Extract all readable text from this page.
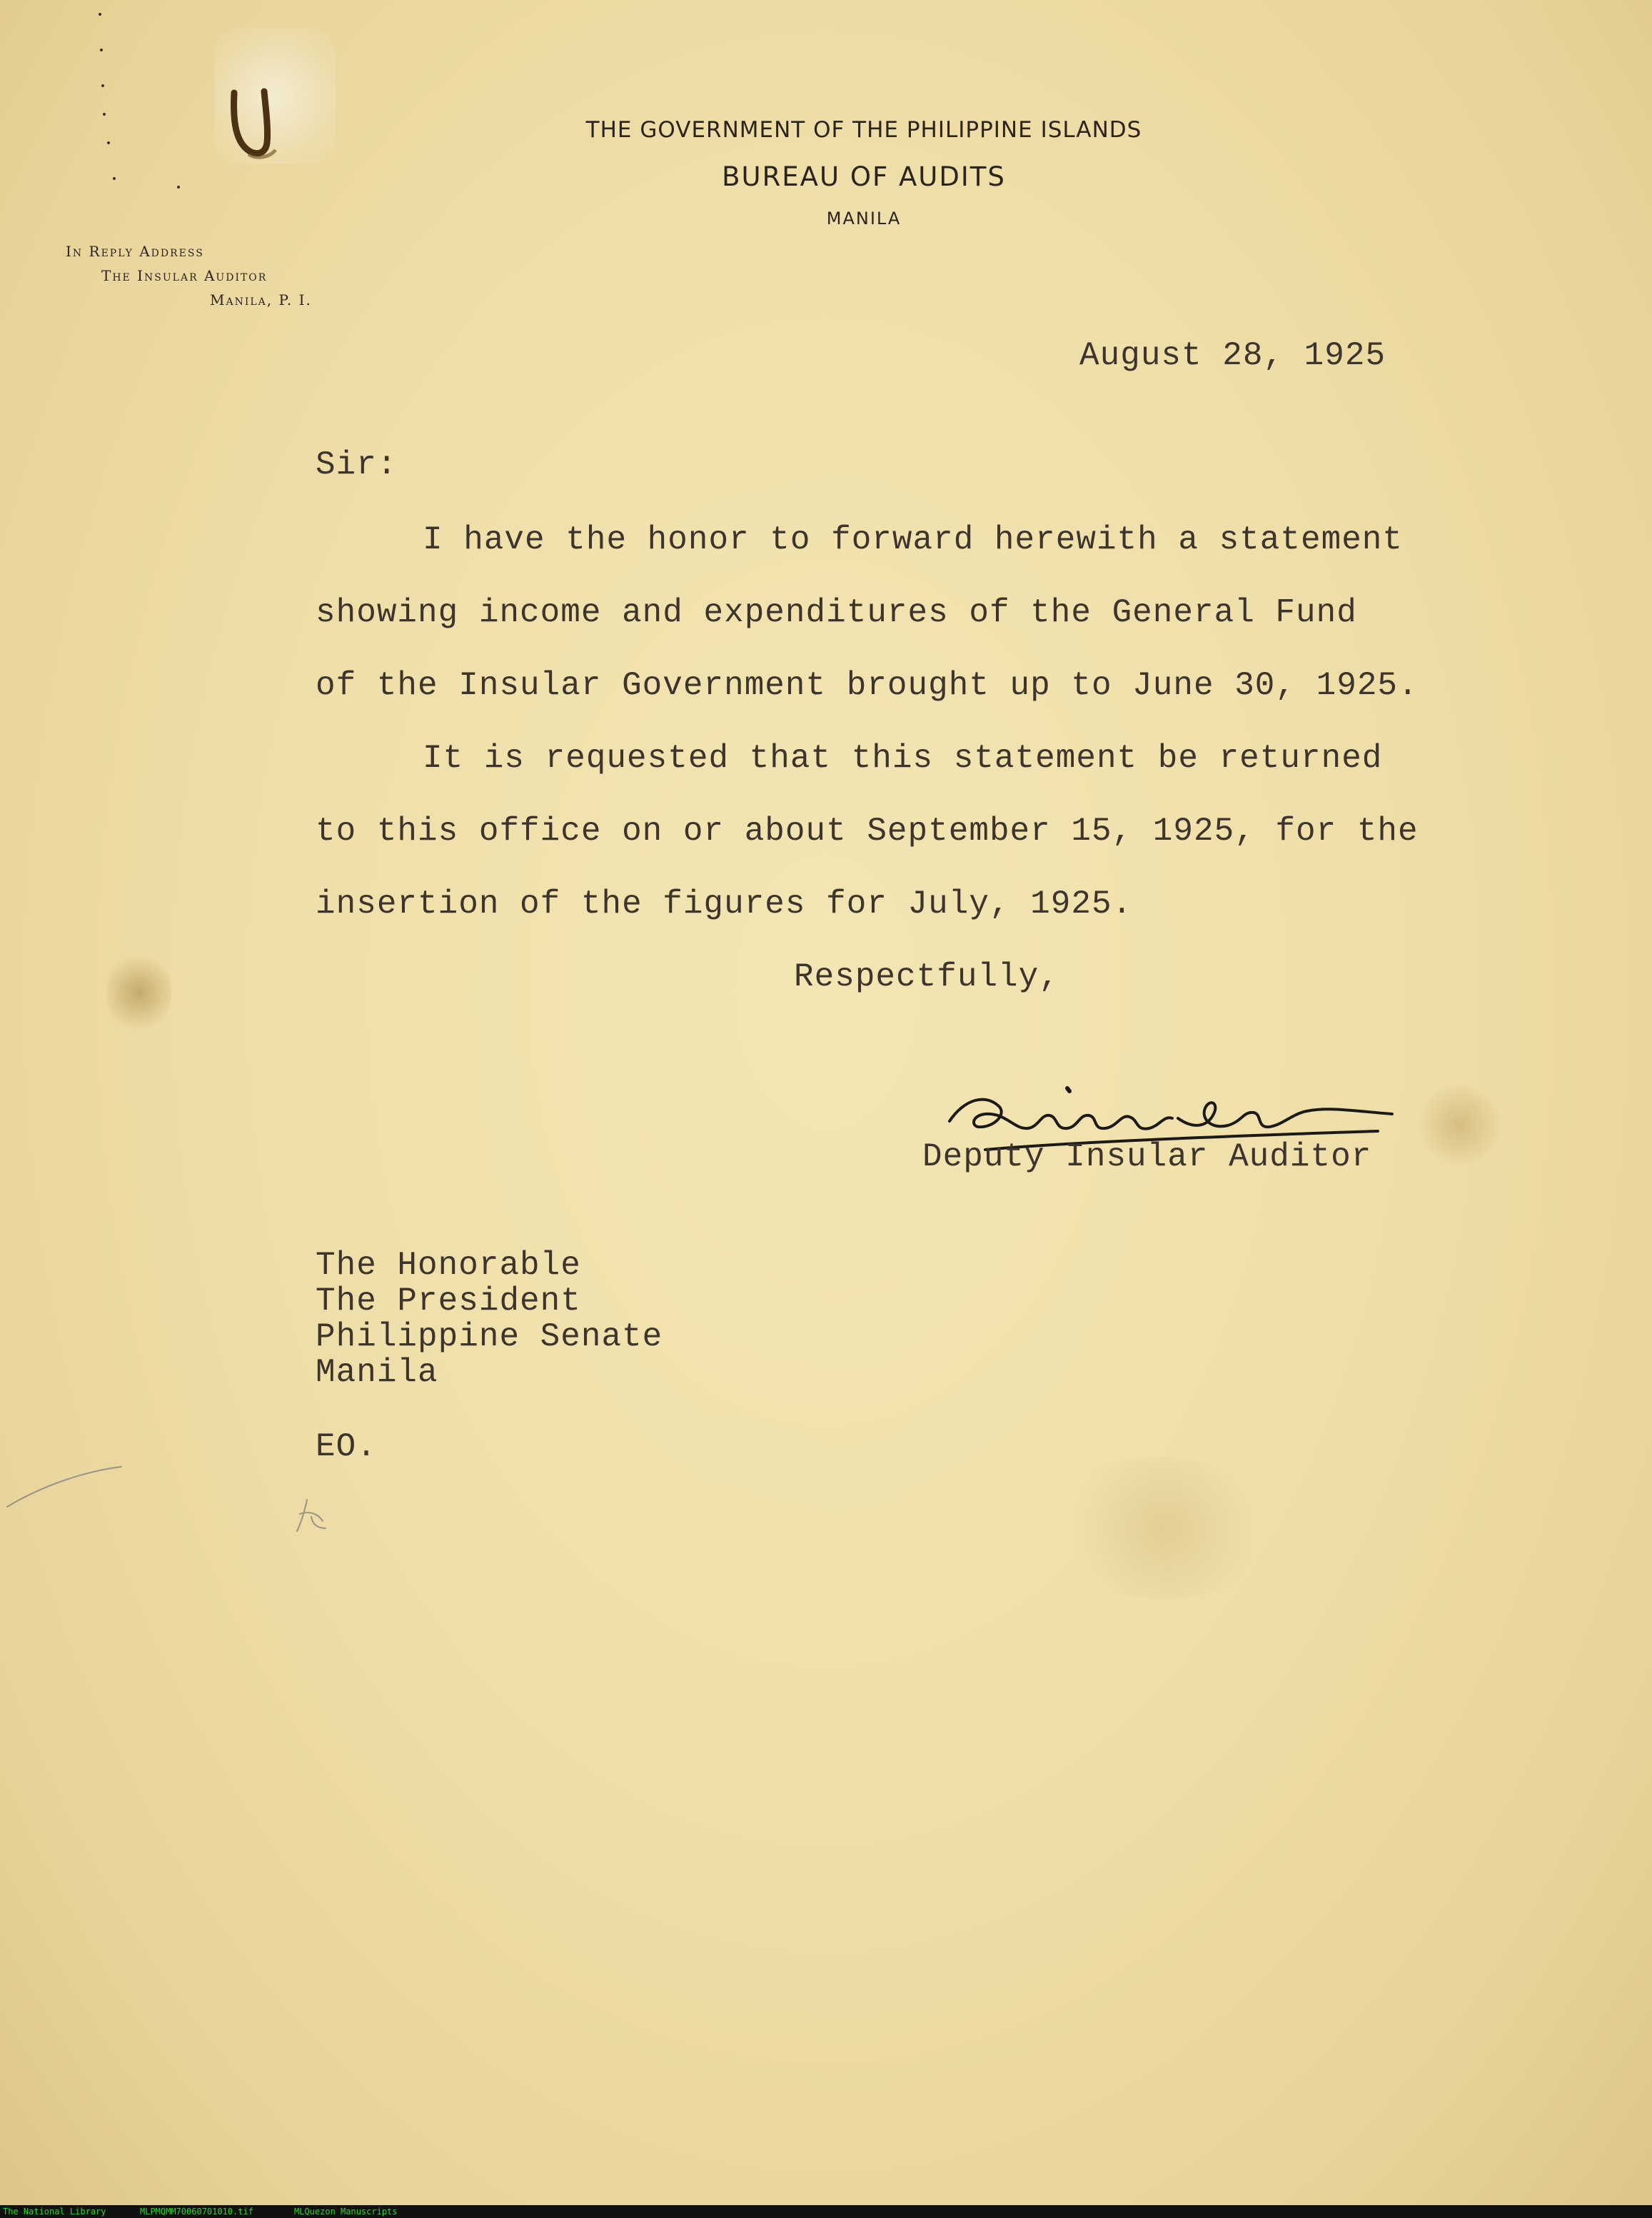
THE GOVERNMENT OF THE PHILIPPINE ISLANDS
BUREAU OF AUDITS
MANILA
In Reply Address
The Insular Auditor
Manila, P. I.
August 28, 1925
Sir:
I have the honor to forward herewith a statement
showing income and expenditures of the General Fund
of the Insular Government brought up to June 30, 1925.
It is requested that this statement be returned
to this office on or about September 15, 1925, for the
insertion of the figures for July, 1925.
Respectfully,
Deputy Insular Auditor
The Honorable
The President
Philippine Senate
Manila
EO.
The National Library	MLPMQMM70060701010.tif	MLQuezon Manuscripts
